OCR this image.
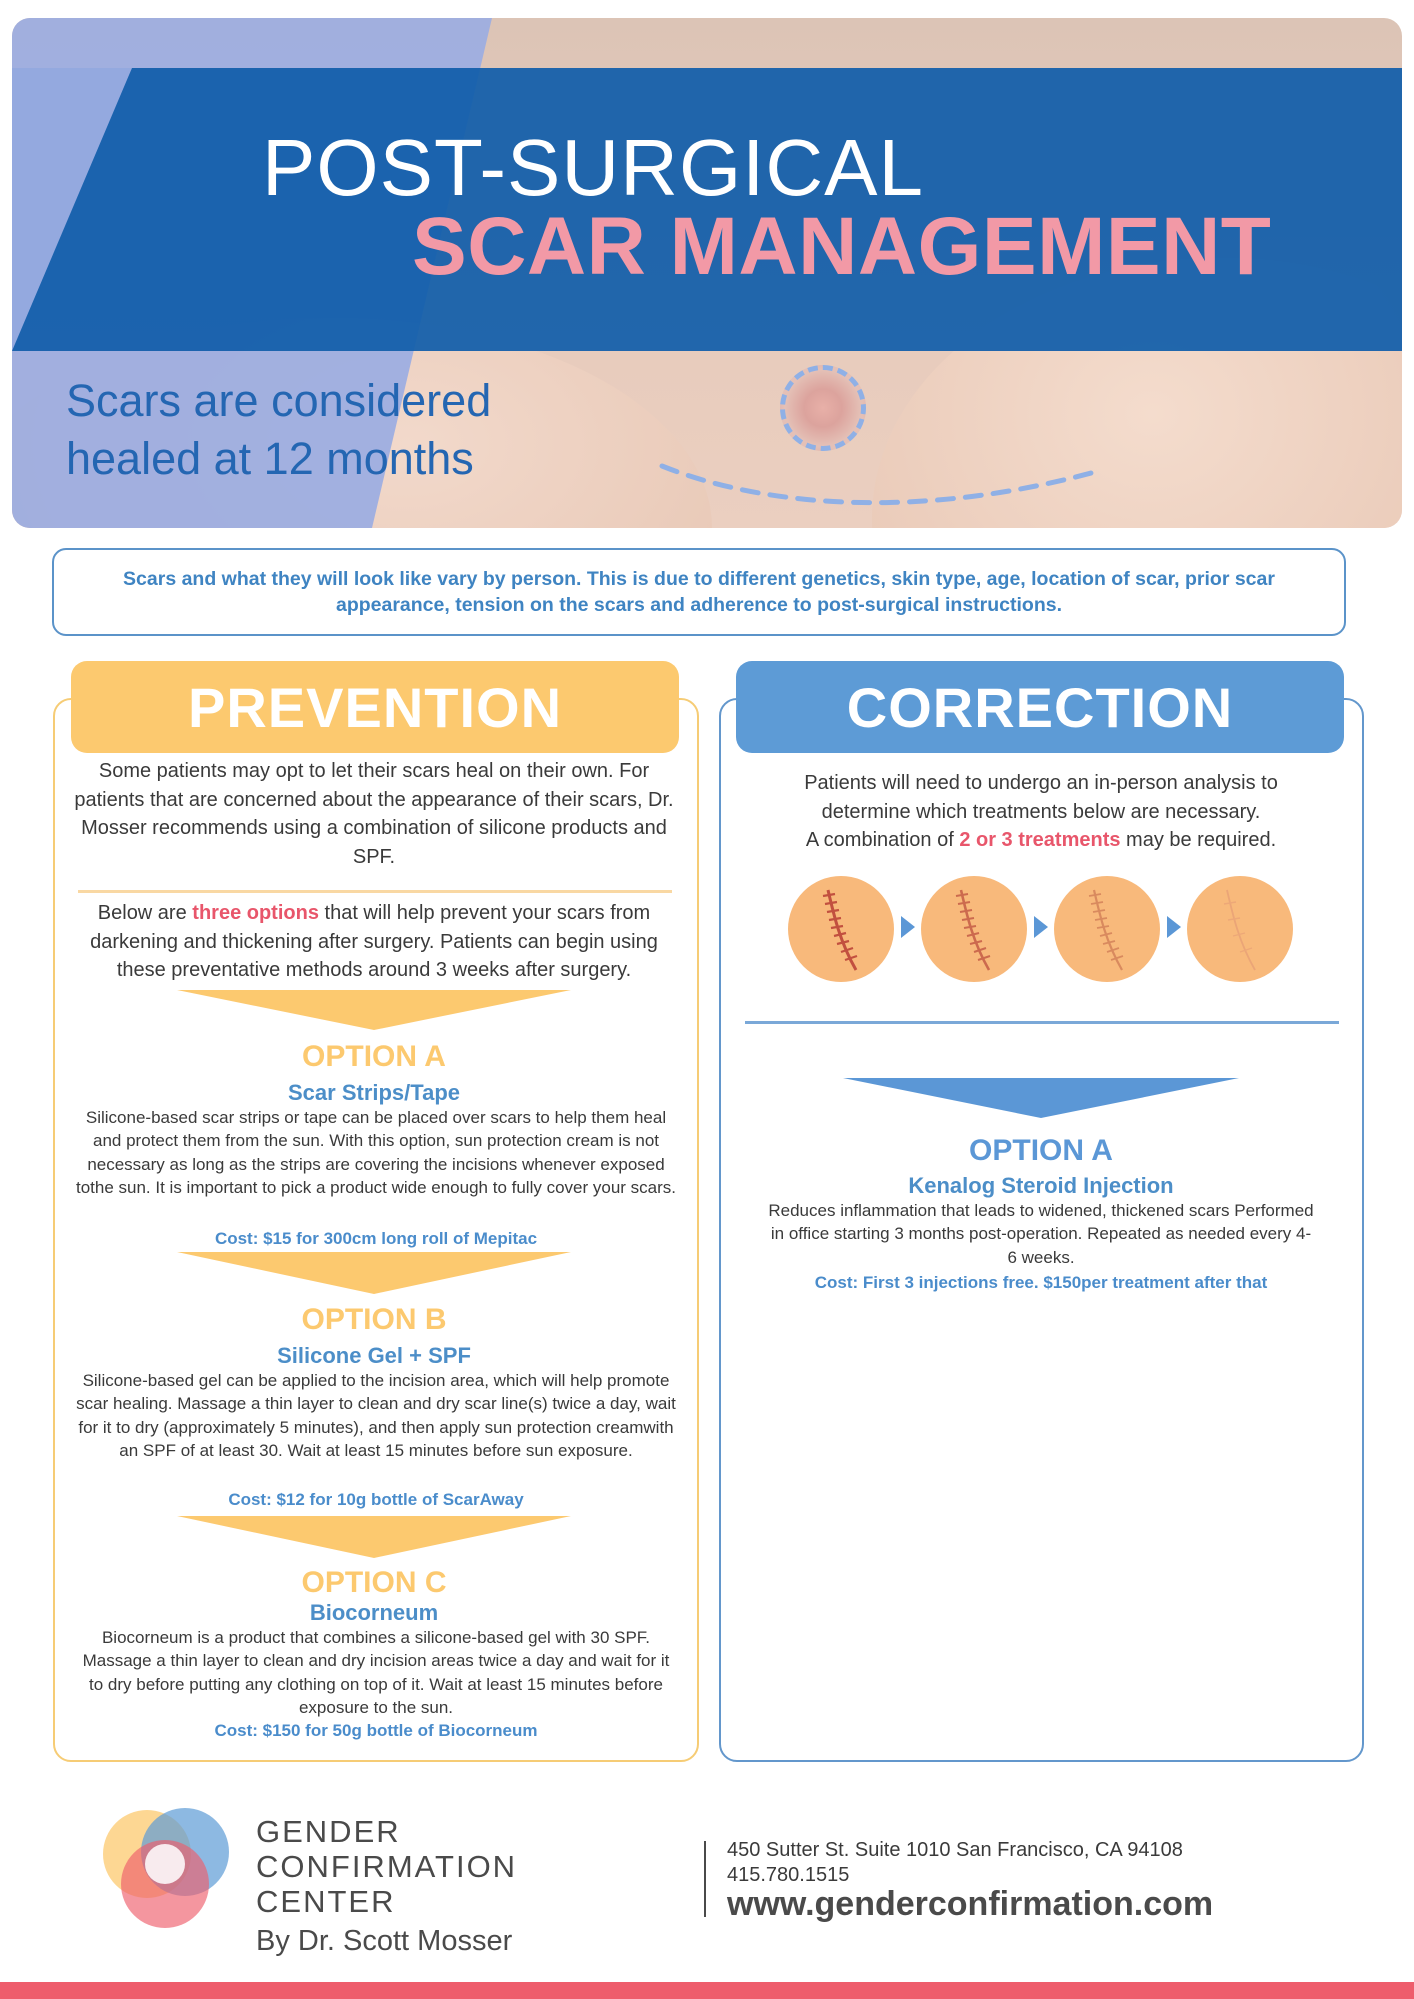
POST-SURGICAL
SCAR MANAGEMENT
Scars are considered
healed at 12 months

Scars and what they will look like vary by person. This is due to different genetics, skin type, age, location of scar, prior scar appearance, tension on the scars and adherence to post-surgical instructions.

PREVENTION

Some patients may opt to let their scars heal on their own. For patients that are concerned about the appearance of their scars, Dr. Mosser recommends using a combination of silicone products and SPF.

Below are three options that will help prevent your scars from darkening and thickening after surgery. Patients can begin using these preventative methods around 3 weeks after surgery.

OPTION A
Scar Strips/Tape

Silicone-based scar strips or tape can be placed over scars to help them heal and protect them from the sun. With this option, sun protection cream is not necessary as long as the strips are covering the incisions whenever exposed tothe sun. It is important to pick a product wide enough to fully cover your scars.

Cost: $15 for 300cm long roll of Mepitac

OPTION B
Silicone Gel + SPF

Silicone-based gel can be applied to the incision area, which will help promote scar healing. Massage a thin layer to clean and dry scar line(s) twice a day, wait for it to dry (approximately 5 minutes), and then apply sun protection creamwith an SPF of at least 30. Wait at least 15 minutes before sun exposure.

Cost: $12 for 10g bottle of ScarAway

OPTION C
Biocorneum

Biocorneum is a product that combines a silicone-based gel with 30 SPF. Massage a thin layer to clean and dry incision areas twice a day and wait for it to dry before putting any clothing on top of it. Wait at least 15 minutes before exposure to the sun.

Cost: $150 for 50g bottle of Biocorneum

CORRECTION
Patients will need to undergo an in-person analysis to
determine which treatments below are necessary.
A combination of 2 or 3 treatments may be required.
OPTION A
Kenalog Steroid Injection

Reduces inflammation that leads to widened, thickened scars Performed in office starting 3 months post-operation. Repeated as needed every 4-6 weeks.

Cost: First 3 injections free. $150per treatment after that

GENDER
CONFIRMATION
CENTER
By Dr. Scott Mosser
450 Sutter St. Suite 1010 San Francisco, CA 94108
415.780.1515
www.genderconfirmation.com
